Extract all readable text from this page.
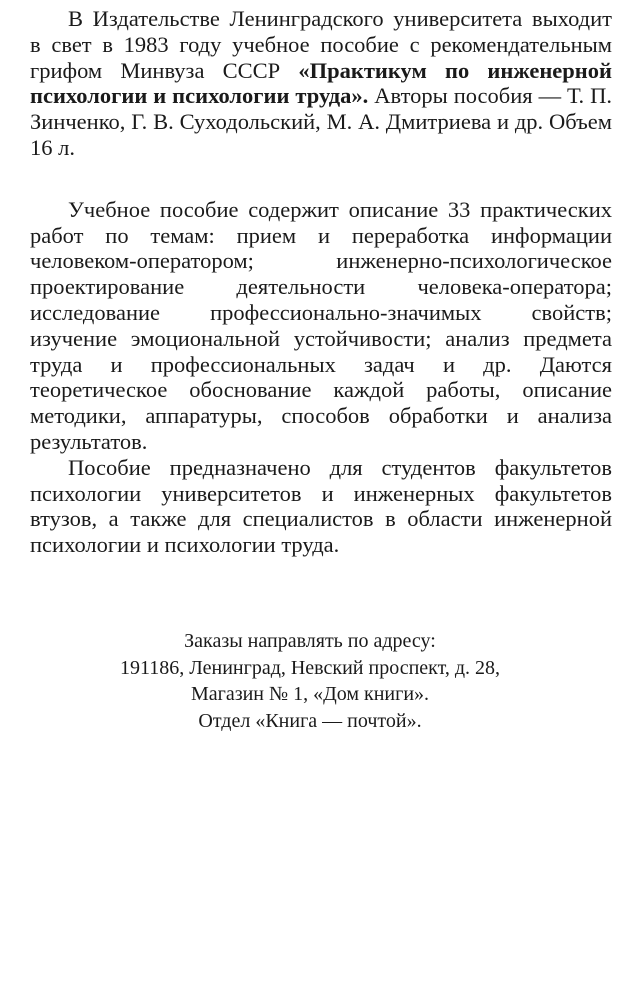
В Издательстве Ленинградского университета выходит в свет в 1983 году учебное пособие с рекомендательным грифом Минвуза СССР «Практикум по инженерной психологии и психологии труда». Авторы пособия — Т. П. Зинченко, Г. В. Суходольский, М. А. Дмитриева и др. Объем 16 л.

Учебное пособие содержит описание 33 практических работ по темам: прием и переработка информации человеком-оператором; инженерно-психологическое проектирование деятельности человека-оператора; исследование профессионально-значимых свойств; изучение эмоциональной устойчивости; анализ предмета труда и профессиональных задач и др. Даются теоретическое обоснование каждой работы, описание методики, аппаратуры, способов обработки и анализа результатов.

Пособие предназначено для студентов факультетов психологии университетов и инженерных факультетов втузов, а также для специалистов в области инженерной психологии и психологии труда.

Заказы направлять по адресу:
191186, Ленинград, Невский проспект, д. 28,
Магазин № 1, «Дом книги».
Отдел «Книга — почтой».
